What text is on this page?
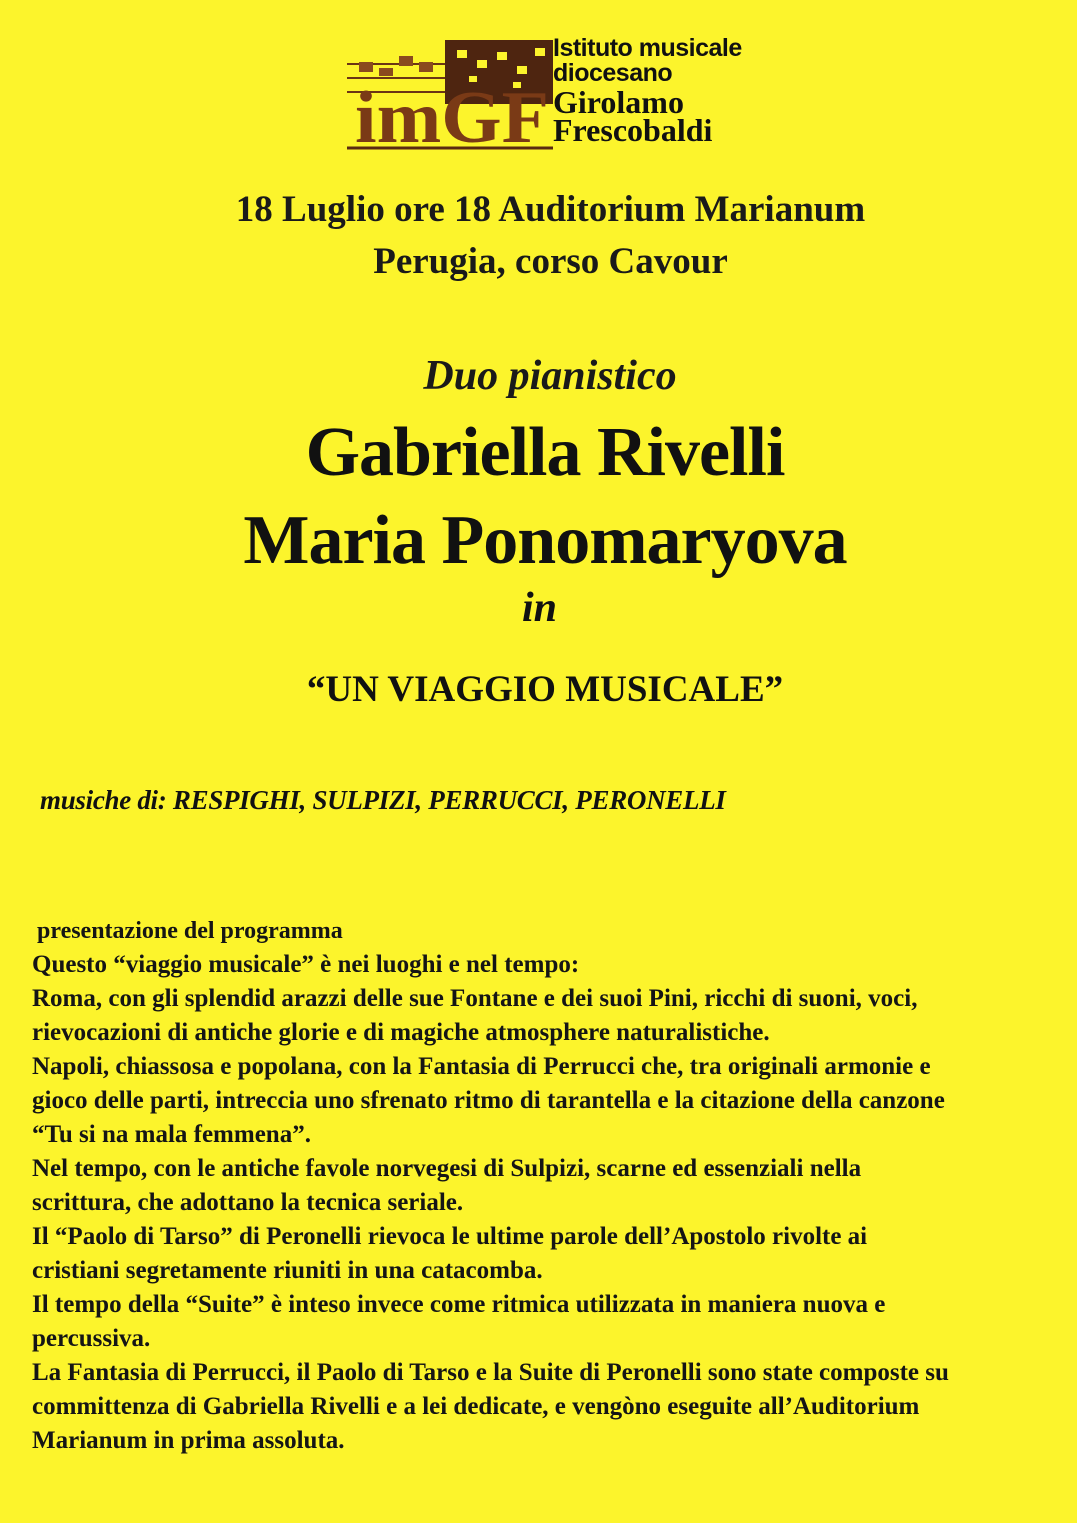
imGF
Istituto musicale
diocesano
Girolamo
Frescobaldi
18 Luglio ore 18 Auditorium Marianum
Perugia, corso Cavour
Duo pianistico
Gabriella Rivelli
Maria Ponomaryova
in
“UN VIAGGIO MUSICALE”
musiche di: RESPIGHI, SULPIZI, PERRUCCI, PERONELLI
presentazione del programma
Questo “viaggio musicale” è nei luoghi e nel tempo:
Roma, con gli splendid arazzi delle sue Fontane e dei suoi Pini, ricchi di suoni, voci,
rievocazioni di antiche glorie e di magiche atmosphere naturalistiche.
Napoli, chiassosa e popolana, con la Fantasia di Perrucci che, tra originali armonie e
gioco delle parti, intreccia uno sfrenato ritmo di tarantella e la citazione della canzone
“Tu si na mala femmena”.
Nel tempo, con le antiche favole norvegesi di Sulpizi, scarne ed essenziali nella
scrittura, che adottano la tecnica seriale.
Il “Paolo di Tarso” di Peronelli rievoca le ultime parole dell’Apostolo rivolte ai
cristiani segretamente riuniti in una catacomba.
Il tempo della “Suite” è inteso invece come ritmica utilizzata in maniera nuova e
percussiva.
La Fantasia di Perrucci, il Paolo di Tarso e la Suite di Peronelli sono state composte su
committenza di Gabriella Rivelli e a lei dedicate, e vengòno eseguite all’Auditorium
Marianum in prima assoluta.
